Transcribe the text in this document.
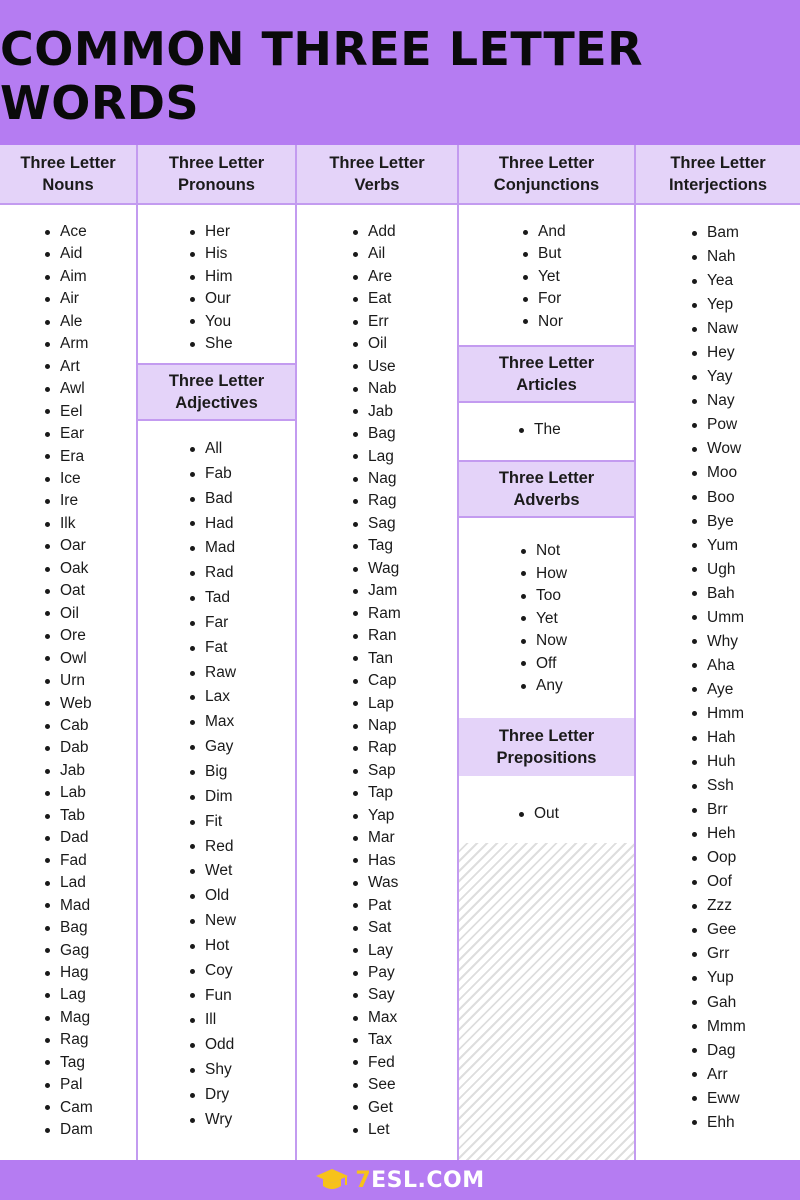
COMMON THREE LETTER WORDS
Three Letter
Nouns
Ace
Aid
Aim
Air
Ale
Arm
Art
Awl
Eel
Ear
Era
Ice
Ire
Ilk
Oar
Oak
Oat
Oil
Ore
Owl
Urn
Web
Cab
Dab
Jab
Lab
Tab
Dad
Fad
Lad
Mad
Bag
Gag
Hag
Lag
Mag
Rag
Tag
Pal
Cam
Dam
Three Letter
Pronouns
Her
His
Him
Our
You
She
Three Letter
Adjectives
All
Fab
Bad
Had
Mad
Rad
Tad
Far
Fat
Raw
Lax
Max
Gay
Big
Dim
Fit
Red
Wet
Old
New
Hot
Coy
Fun
Ill
Odd
Shy
Dry
Wry
Three Letter
Verbs
Add
Ail
Are
Eat
Err
Oil
Use
Nab
Jab
Bag
Lag
Nag
Rag
Sag
Tag
Wag
Jam
Ram
Ran
Tan
Cap
Lap
Nap
Rap
Sap
Tap
Yap
Mar
Has
Was
Pat
Sat
Lay
Pay
Say
Max
Tax
Fed
See
Get
Let
Three Letter
Conjunctions
And
But
Yet
For
Nor
Three Letter
Articles
The
Three Letter
Adverbs
Not
How
Too
Yet
Now
Off
Any
Three Letter
Prepositions
Out
Three Letter
Interjections
Bam
Nah
Yea
Yep
Naw
Hey
Yay
Nay
Pow
Wow
Moo
Boo
Bye
Yum
Ugh
Bah
Umm
Why
Aha
Aye
Hmm
Hah
Huh
Ssh
Brr
Heh
Oop
Oof
Zzz
Gee
Grr
Yup
Gah
Mmm
Dag
Arr
Eww
Ehh
7ESL.COM
